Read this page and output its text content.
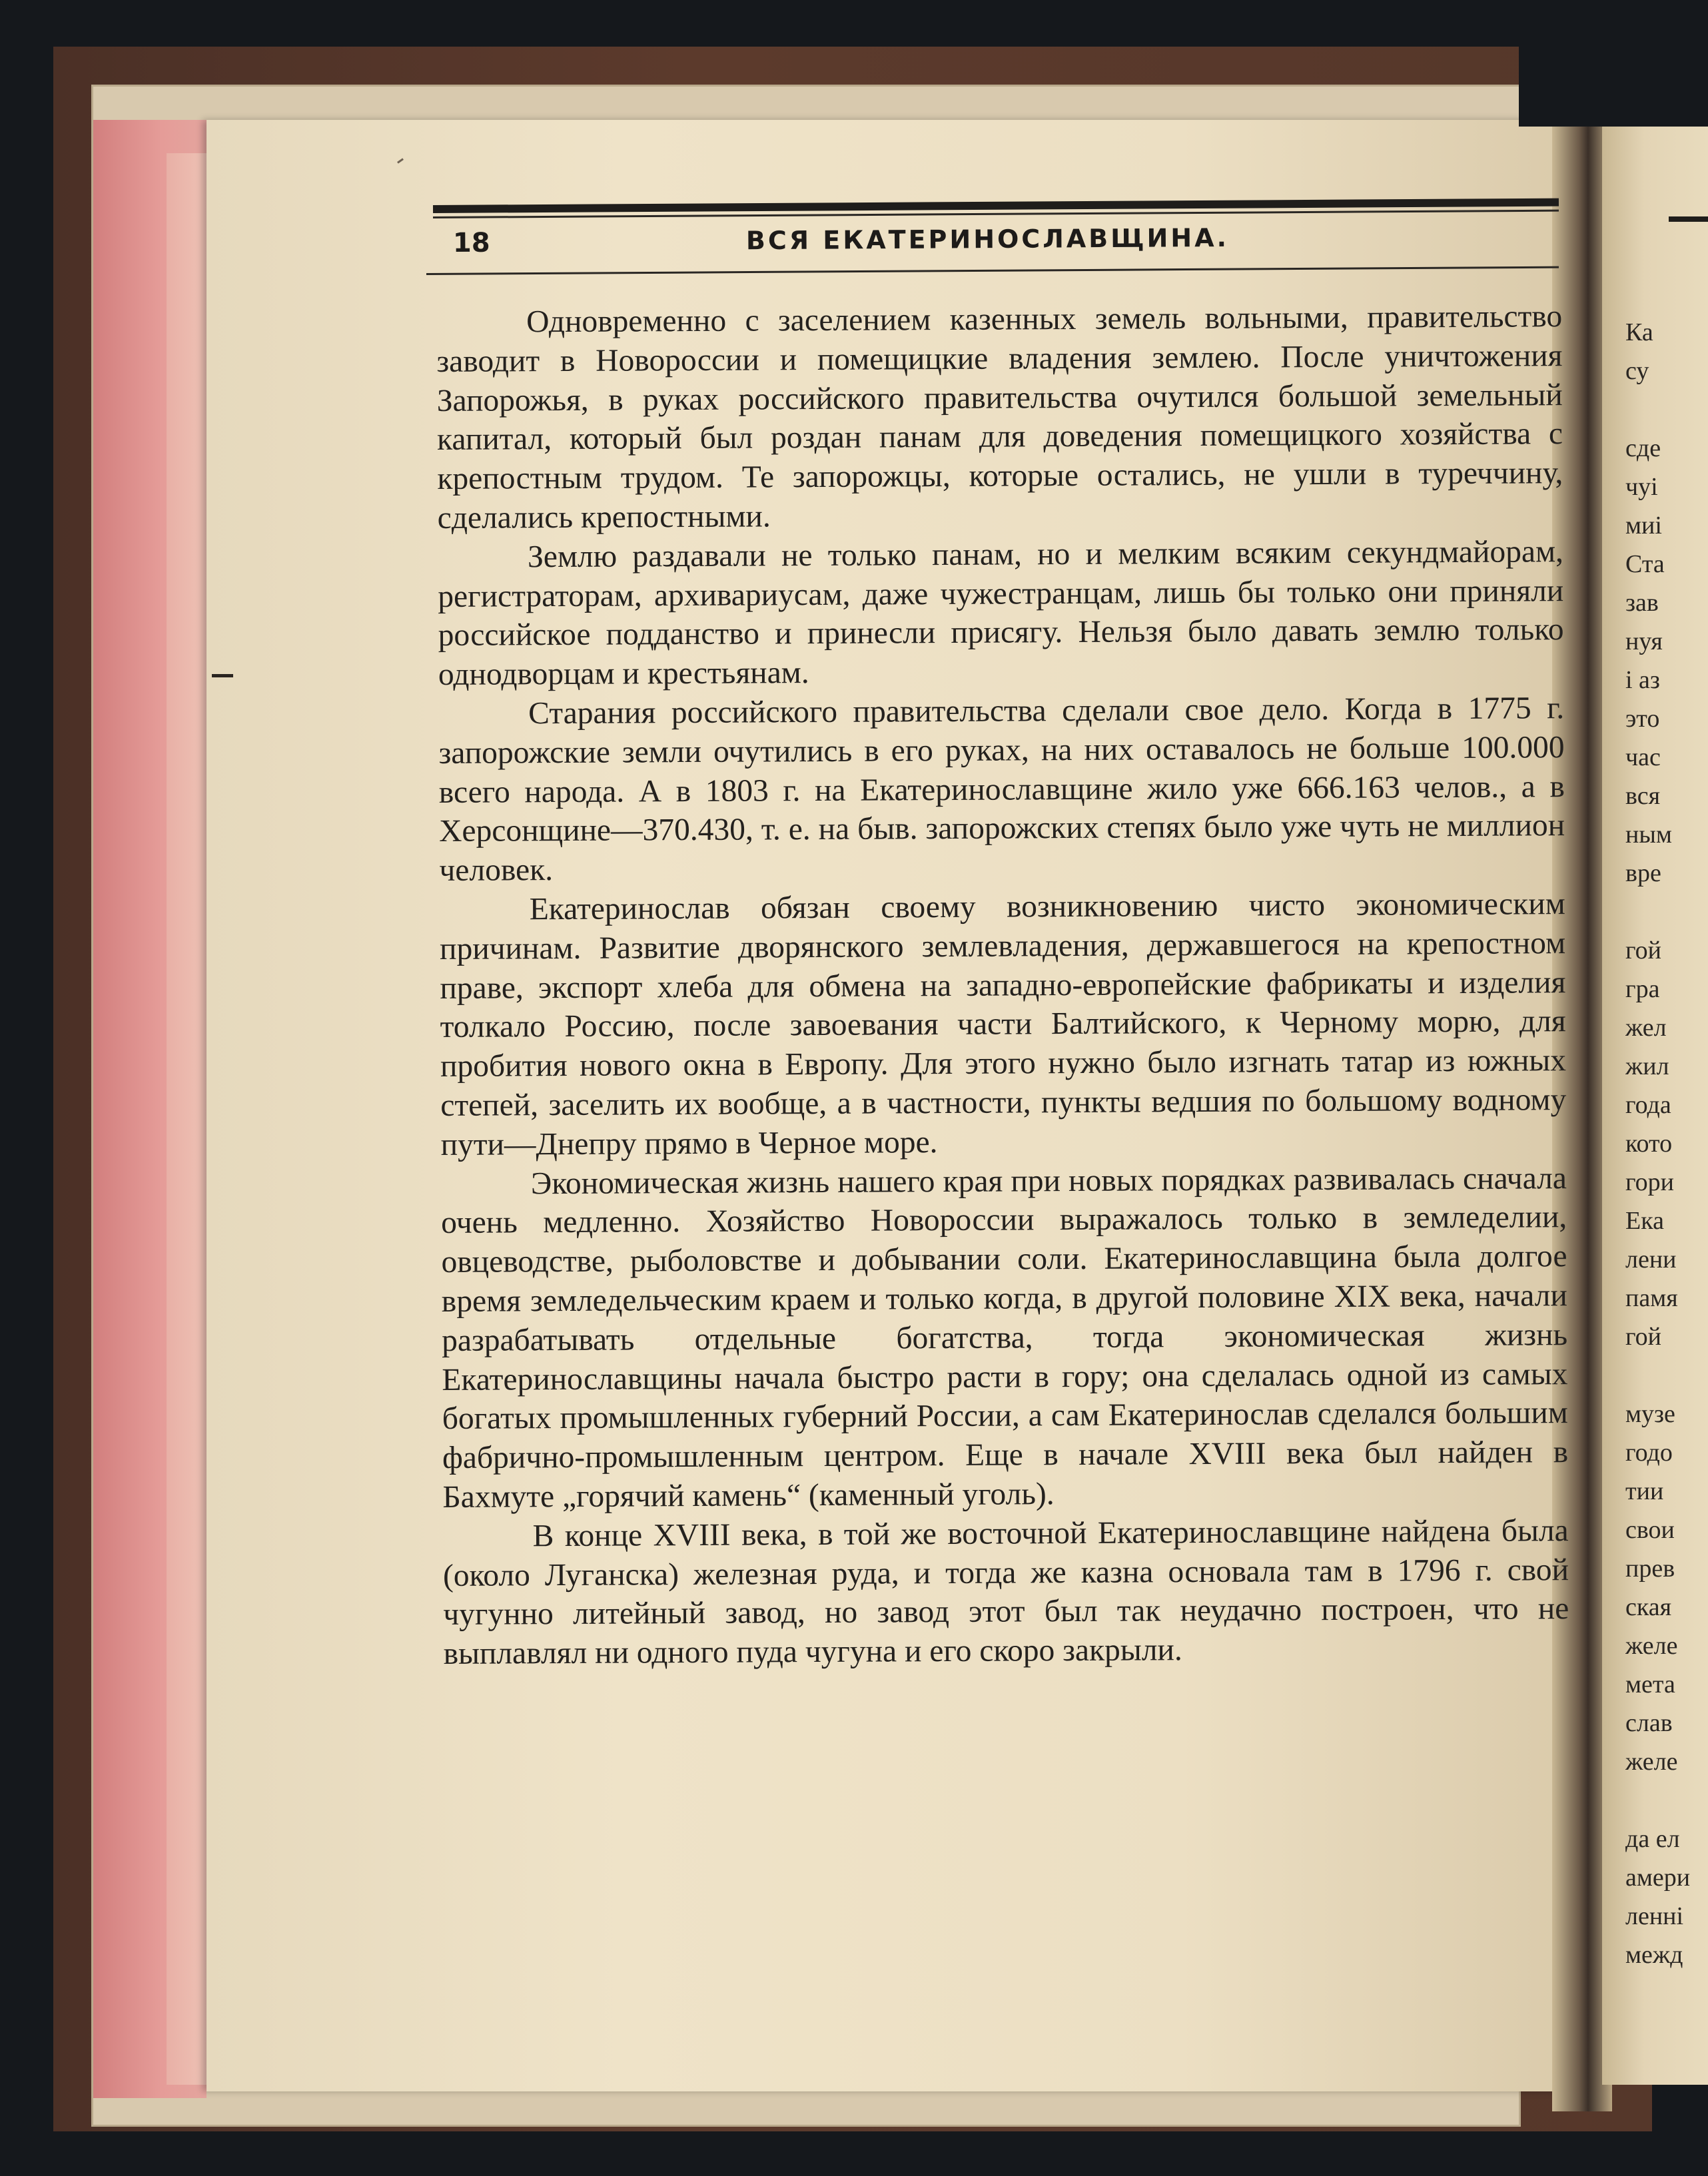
18	ВСЯ ЕКАТЕРИНОСЛАВЩИНА.

Одновременно с заселением казенных земель вольными, правительство заводит в Новороссии и помещицкие владения землею. После уничтожения Запорожья, в руках российского правительства очутился большой земельный капитал, который был роздан панам для доведения помещицкого хозяйства с крепостным трудом. Те запорожцы, которые остались, не ушли в туреччину, сделались крепостными.

Землю раздавали не только панам, но и мелким всяким секундмайорам, регистраторам, архивариусам, даже чужестранцам, лишь бы только они приняли российское подданство и принесли присягу. Нельзя было давать землю только однодворцам и крестьянам.

Старания российского правительства сделали свое дело. Когда в 1775 г. запорожские земли очутились в его руках, на них оставалось не больше 100.000 всего народа. А в 1803 г. на Екатеринославщине жило уже 666.163 челов., а в Херсонщине—370.430, т. е. на быв. запорожских степях было уже чуть не миллион человек.

Екатеринослав обязан своему возникновению чисто экономическим причинам. Развитие дворянского землевладения, державшегося на крепостном праве, экспорт хлеба для обмена на западно-европейские фабрикаты и изделия толкало Россию, после завоевания части Балтийского, к Черному морю, для пробития нового окна в Европу. Для этого нужно было изгнать татар из южных степей, заселить их вообще, а в частности, пункты ведшия по большому водному пути—Днепру прямо в Черное море.

Экономическая жизнь нашего края при новых порядках развивалась сначала очень медленно. Хозяйство Новороссии выражалось только в земледелии, овцеводстве, рыболовстве и добывании соли. Екатеринославщина была долгое время земледельческим краем и только когда, в другой половине XIX века, начали разрабатывать отдельные богатства, тогда экономическая жизнь Екатеринославщины начала быстро расти в гору; она сделалась одной из самых богатых промышленных губерний России, а сам Екатеринослав сделался большим фабрично-промышленным центром. Еще в начале XVIII века был найден в Бахмуте „горячий камень“ (каменный уголь).

В конце XVIII века, в той же восточной Екатеринославщине найдена была (около Луганска) железная руда, и тогда же казна основала там в 1796 г. свой чугунно литейный завод, но завод этот был так неудачно построен, что не выплавлял ни одного пуда чугуна и его скоро закрыли.

Ка
су
сде
чуі
миі
Ста
зав
нуя
і аз
это
час
вся
ным
вре
гой
гра
жел
жил
года
кото
гори
Ека
лени
памя
гой
музе
годо
тии
свои
прев
ская
желе
мета
слав
желе
да ел
амери
ленні
межд
